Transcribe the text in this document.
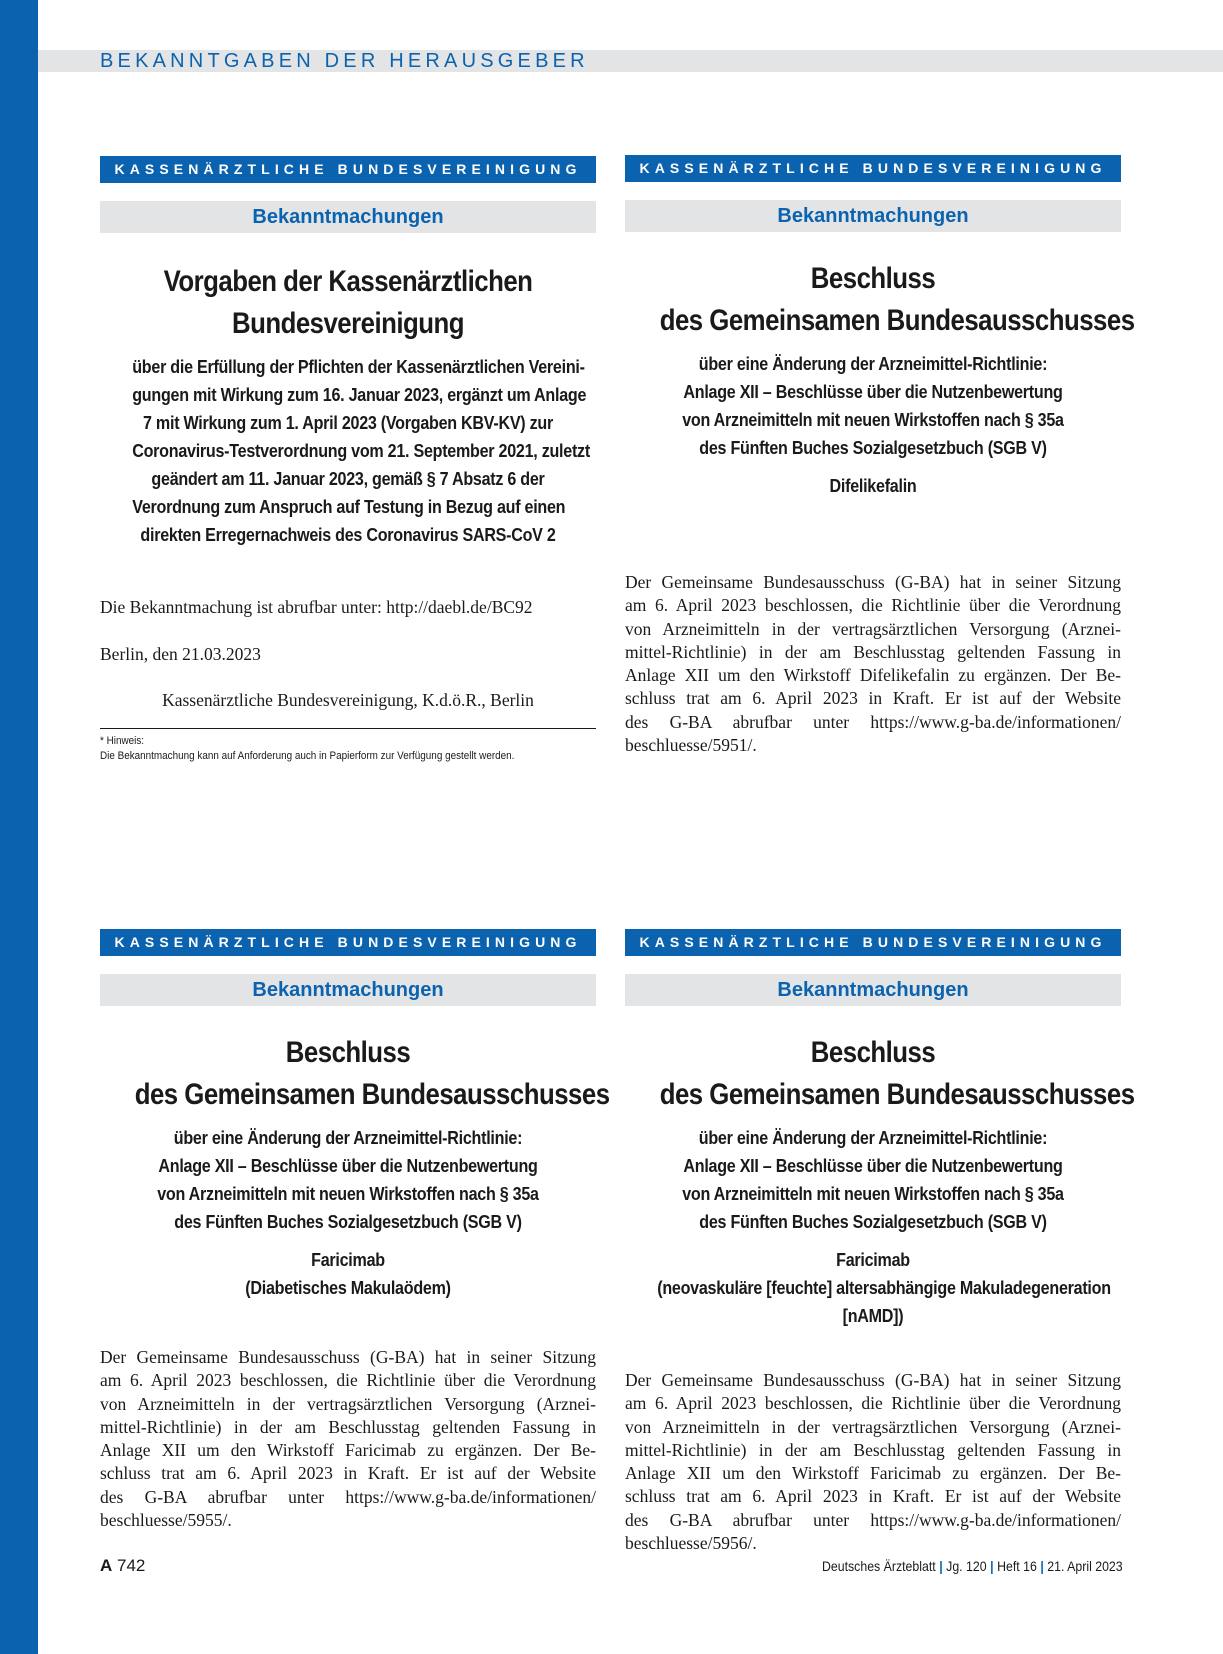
BEKANNTGABEN DER HERAUSGEBER
KASSENÄRZTLICHE BUNDESVEREINIGUNG
Bekanntmachungen
Vorgaben der Kassenärztlichen
Bundesvereinigung
über die Erfüllung der Pflichten der Kassenärztlichen Vereini-
gungen mit Wirkung zum 16. Januar 2023, ergänzt um Anlage
7 mit Wirkung zum 1. April 2023 (Vorgaben KBV-KV) zur
Coronavirus-Testverordnung vom 21. September 2021, zuletzt
geändert am 11. Januar 2023, gemäß § 7 Absatz 6 der
Verordnung zum Anspruch auf Testung in Bezug auf einen
direkten Erregernachweis des Coronavirus SARS-CoV 2
Die Bekanntmachung ist abrufbar unter: http://daebl.de/BC92
Berlin, den 21.03.2023
Kassenärztliche Bundesvereinigung, K.d.ö.R., Berlin
* Hinweis:
Die Bekanntmachung kann auf Anforderung auch in Papierform zur Verfügung gestellt werden.
KASSENÄRZTLICHE BUNDESVEREINIGUNG
Bekanntmachungen
Beschluss
des Gemeinsamen Bundesausschusses
über eine Änderung der Arzneimittel-Richtlinie:
Anlage XII – Beschlüsse über die Nutzenbewertung
von Arzneimitteln mit neuen Wirkstoffen nach § 35a
des Fünften Buches Sozialgesetzbuch (SGB V)
Difelikefalin
Der Gemeinsame Bundesausschuss (G-BA) hat in seiner Sitzung
am 6. April 2023 beschlossen, die Richtlinie über die Verordnung
von Arzneimitteln in der vertragsärztlichen Versorgung (Arznei-
mittel-Richtlinie) in der am Beschlusstag geltenden Fassung in
Anlage XII um den Wirkstoff Difelikefalin zu ergänzen. Der Be-
schluss trat am 6. April 2023 in Kraft. Er ist auf der Website
des G-BA abrufbar unter https://www.g-ba.de/informationen/
beschluesse/5951/.
KASSENÄRZTLICHE BUNDESVEREINIGUNG
Bekanntmachungen
Beschluss
des Gemeinsamen Bundesausschusses
über eine Änderung der Arzneimittel-Richtlinie:
Anlage XII – Beschlüsse über die Nutzenbewertung
von Arzneimitteln mit neuen Wirkstoffen nach § 35a
des Fünften Buches Sozialgesetzbuch (SGB V)
Faricimab
(Diabetisches Makulaödem)
Der Gemeinsame Bundesausschuss (G-BA) hat in seiner Sitzung
am 6. April 2023 beschlossen, die Richtlinie über die Verordnung
von Arzneimitteln in der vertragsärztlichen Versorgung (Arznei-
mittel-Richtlinie) in der am Beschlusstag geltenden Fassung in
Anlage XII um den Wirkstoff Faricimab zu ergänzen. Der Be-
schluss trat am 6. April 2023 in Kraft. Er ist auf der Website
des G-BA abrufbar unter https://www.g-ba.de/informationen/
beschluesse/5955/.
KASSENÄRZTLICHE BUNDESVEREINIGUNG
Bekanntmachungen
Beschluss
des Gemeinsamen Bundesausschusses
über eine Änderung der Arzneimittel-Richtlinie:
Anlage XII – Beschlüsse über die Nutzenbewertung
von Arzneimitteln mit neuen Wirkstoffen nach § 35a
des Fünften Buches Sozialgesetzbuch (SGB V)
Faricimab
(neovaskuläre [feuchte] altersabhängige Makuladegeneration
[nAMD])
Der Gemeinsame Bundesausschuss (G-BA) hat in seiner Sitzung
am 6. April 2023 beschlossen, die Richtlinie über die Verordnung
von Arzneimitteln in der vertragsärztlichen Versorgung (Arznei-
mittel-Richtlinie) in der am Beschlusstag geltenden Fassung in
Anlage XII um den Wirkstoff Faricimab zu ergänzen. Der Be-
schluss trat am 6. April 2023 in Kraft. Er ist auf der Website
des G-BA abrufbar unter https://www.g-ba.de/informationen/
beschluesse/5956/.
A 742	Deutsches Ärzteblatt | Jg. 120 | Heft 16 | 21. April 2023
